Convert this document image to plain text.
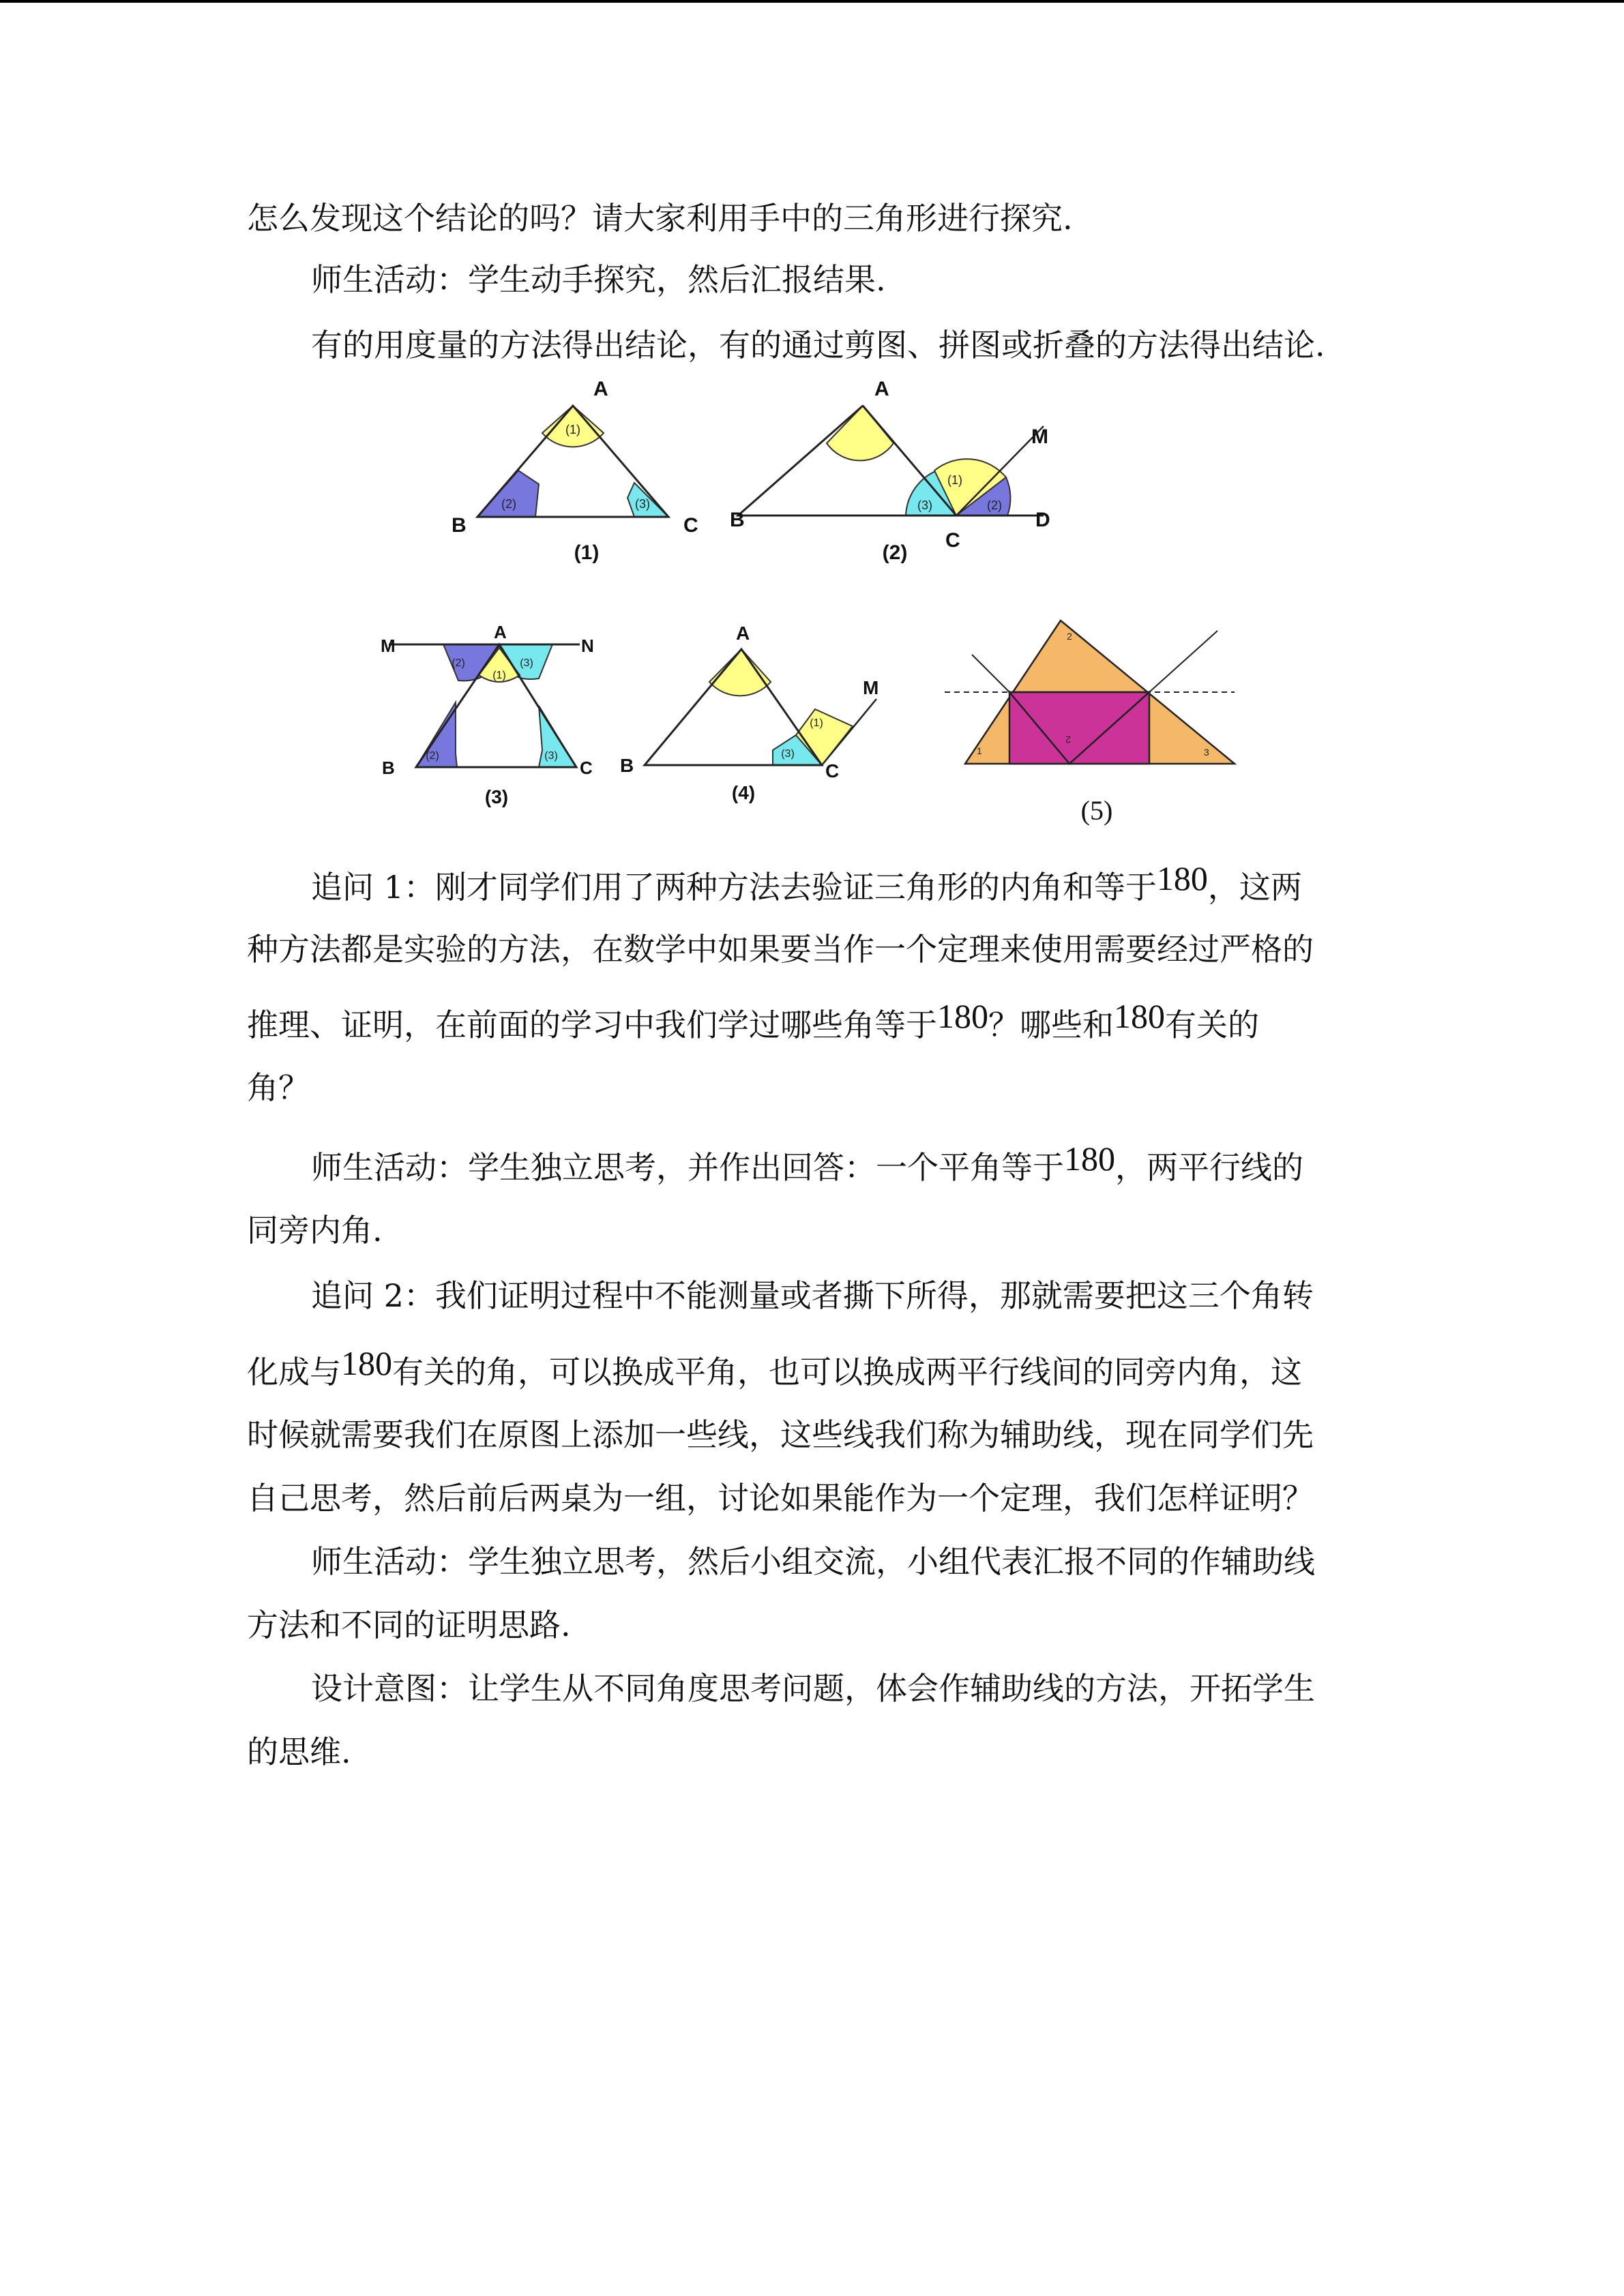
怎么发现这个结论的吗？请大家利用手中的三角形进行探究.
师生活动：学生动手探究，然后汇报结果.
有的用度量的方法得出结论，有的通过剪图、拼图或折叠的方法得出结论.
(1)
(2)	(3)
A
B	C
(1)
(1)
(2)
(3)
A
B
C
D
M
(2)
(2)
(1)
(3)
(2)	(3)
A
M	N
B	C
(3)
(1)
(3)
A
B	C
M
(4)
2
1
2
3
(5)
追问 1：刚才同学们用了两种方法去验证三角形的内角和等于180，这两
种方法都是实验的方法，在数学中如果要当作一个定理来使用需要经过严格的
推理、证明，在前面的学习中我们学过哪些角等于180？哪些和180有关的
角？
师生活动：学生独立思考，并作出回答：一个平角等于180，两平行线的
同旁内角.
追问 2：我们证明过程中不能测量或者撕下所得，那就需要把这三个角转
化成与180有关的角，可以换成平角，也可以换成两平行线间的同旁内角，这
时候就需要我们在原图上添加一些线，这些线我们称为辅助线，现在同学们先
自己思考，然后前后两桌为一组，讨论如果能作为一个定理，我们怎样证明？
师生活动：学生独立思考，然后小组交流，小组代表汇报不同的作辅助线
方法和不同的证明思路.
设计意图：让学生从不同角度思考问题，体会作辅助线的方法，开拓学生
的思维.
